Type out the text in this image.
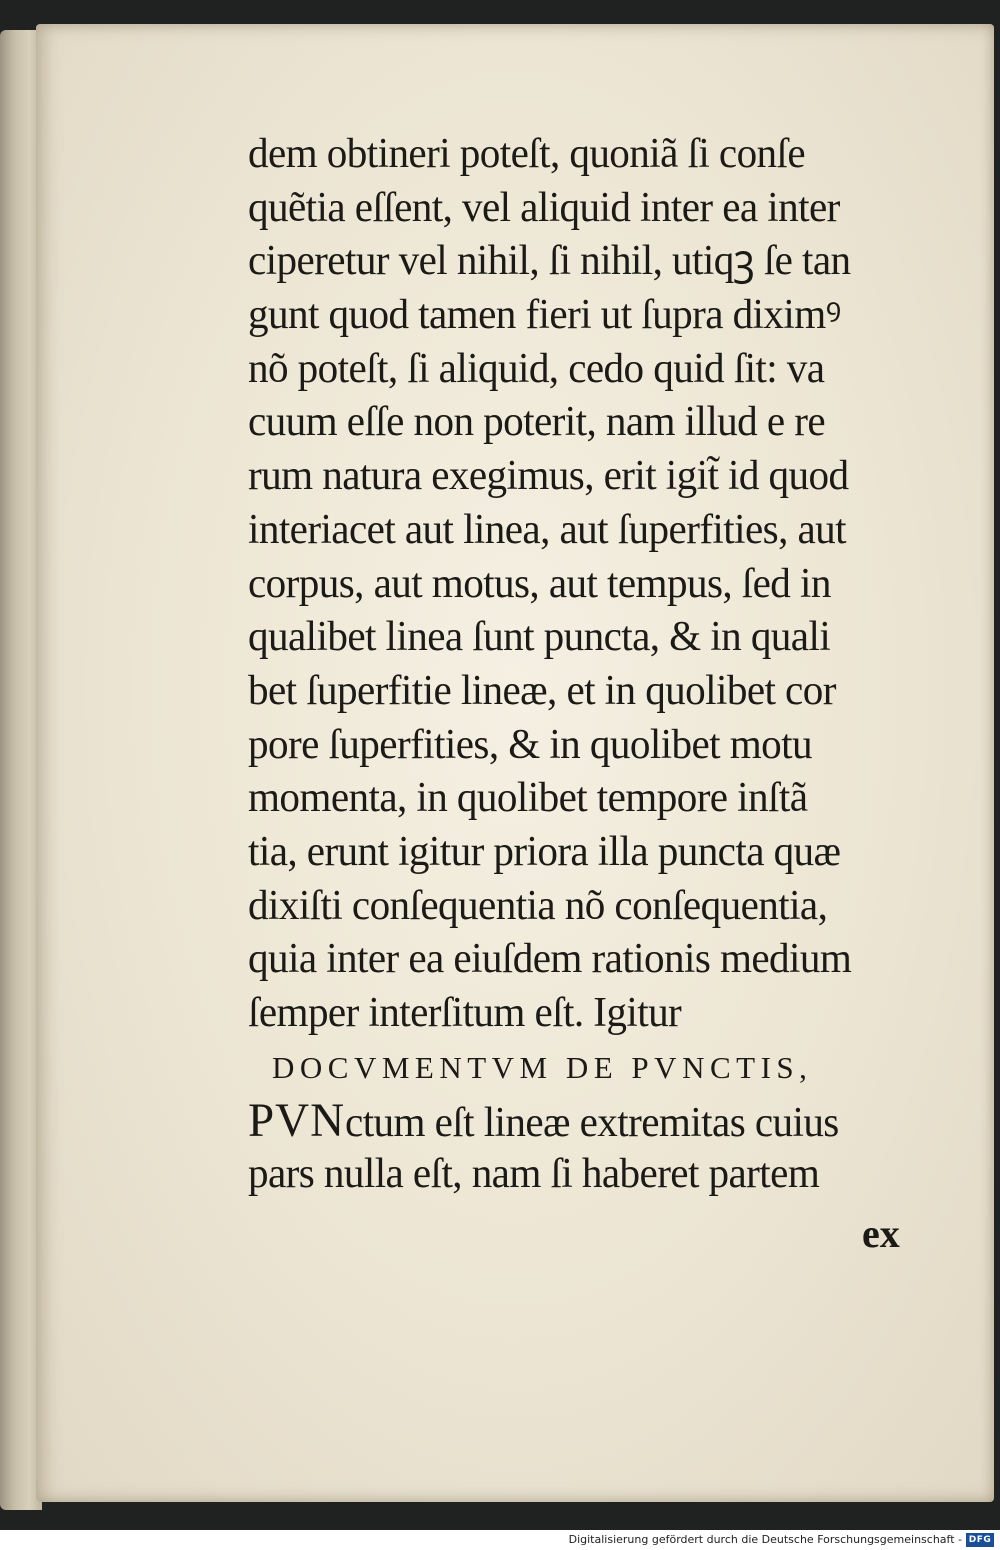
dem obtineri poteſt, quoniã ſi conſe
quẽtia eſſent, vel aliquid inter ea inter
ciperetur vel nihil, ſi nihil, utiqꝫ ſe tan
gunt quod tamen fieri ut ſupra diximꝰ
nõ poteſt, ſi aliquid, cedo quid ſit: va
cuum eſſe non poterit, nam illud e re
rum natura exegimus, erit igit̃ id quod
interiacet aut linea, aut ſuperfities, aut
corpus, aut motus, aut tempus, ſed in
qualibet linea ſunt puncta, & in quali
bet ſuperfitie lineæ, et in quolibet cor
pore ſuperfities, & in quolibet motu
momenta, in quolibet tempore inſtã
tia, erunt igitur priora illa puncta quæ
dixiſti conſequentia nõ conſequentia,
quia inter ea eiuſdem rationis medium
ſemper interſitum eſt. Igitur
DOCVMENTVM DE PVNCTIS,
PVNctum eſt lineæ extremitas cuius
pars nulla eſt, nam ſi haberet partem
ex
Digitalisierung gefördert durch die Deutsche Forschungsgemeinschaft - DFG
